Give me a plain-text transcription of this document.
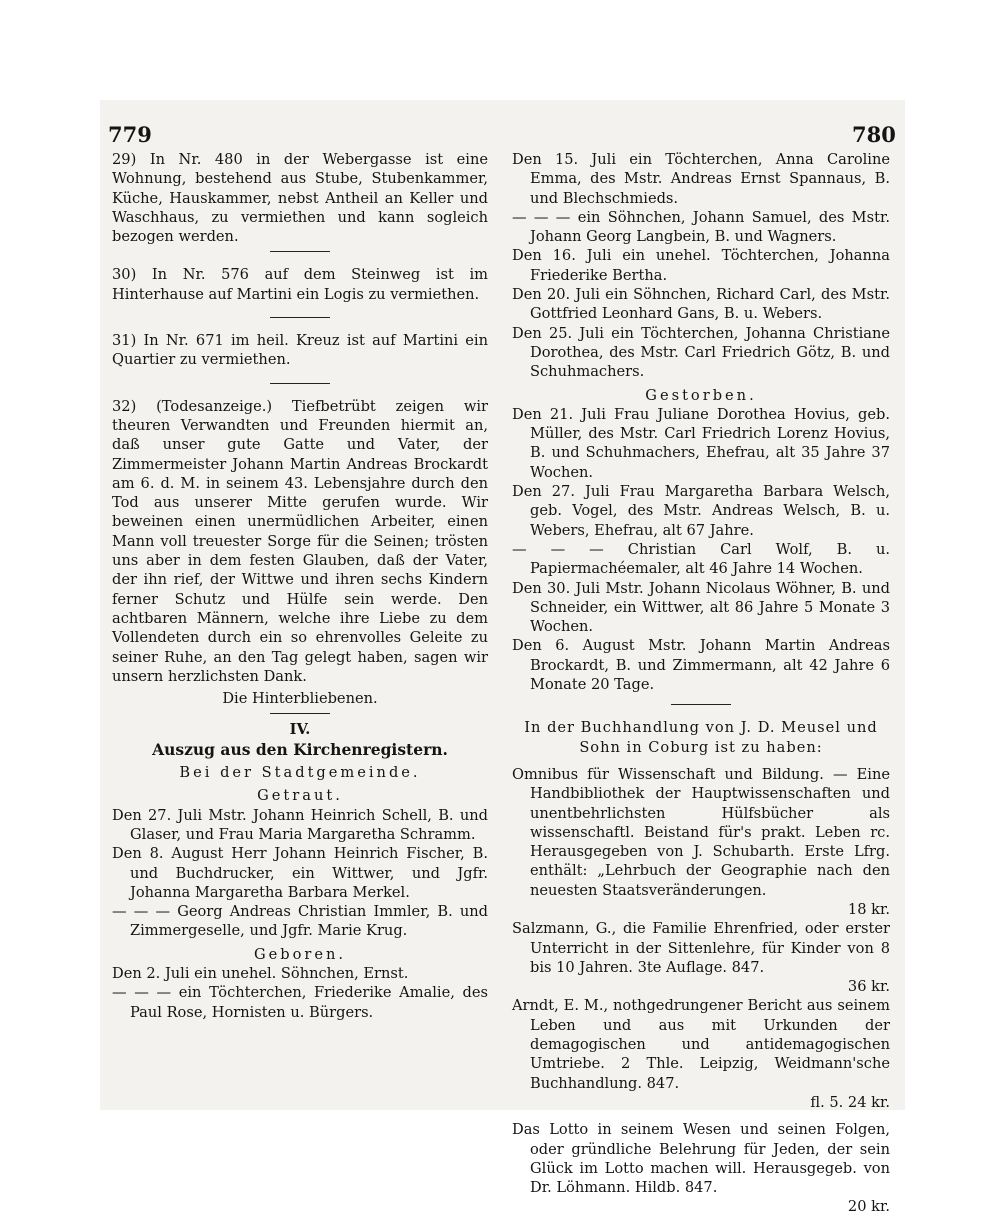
779	780

29) In Nr. 480 in der Webergasse ist eine Wohnung, bestehend aus Stube, Stubenkammer, Küche, Hauskammer, nebst Antheil an Keller und Waschhaus, zu vermiethen und kann sogleich bezogen werden.

30) In Nr. 576 auf dem Steinweg ist im Hinterhause auf Martini ein Logis zu vermiethen.

31) In Nr. 671 im heil. Kreuz ist auf Martini ein Quartier zu vermiethen.

32) (Todesanzeige.) Tiefbetrübt zeigen wir theuren Verwandten und Freunden hiermit an, daß unser gute Gatte und Vater, der Zimmermeister Johann Martin Andreas Brockardt am 6. d. M. in seinem 43. Lebensjahre durch den Tod aus unserer Mitte gerufen wurde. Wir beweinen einen unermüdlichen Arbeiter, einen Mann voll treuester Sorge für die Seinen; trösten uns aber in dem festen Glauben, daß der Vater, der ihn rief, der Wittwe und ihren sechs Kindern ferner Schutz und Hülfe sein werde. Den achtbaren Männern, welche ihre Liebe zu dem Vollendeten durch ein so ehrenvolles Geleite zu seiner Ruhe, an den Tag gelegt haben, sagen wir unsern herzlichsten Dank.

Die Hinterbliebenen.

IV.

Auszug aus den Kirchenregistern.

Bei der Stadtgemeinde.

Getraut.

Den 27. Juli Mstr. Johann Heinrich Schell, B. und Glaser, und Frau Maria Margaretha Schramm.

Den 8. August Herr Johann Heinrich Fischer, B. und Buchdrucker, ein Wittwer, und Jgfr. Johanna Margaretha Barbara Merkel.

— — — Georg Andreas Christian Immler, B. und Zimmergeselle, und Jgfr. Marie Krug.

Geboren.

Den 2. Juli ein unehel. Söhnchen, Ernst.

— — — ein Töchterchen, Friederike Amalie, des Paul Rose, Hornisten u. Bürgers.

Den 15. Juli ein Töchterchen, Anna Caroline Emma, des Mstr. Andreas Ernst Spannaus, B. und Blechschmieds.

— — — ein Söhnchen, Johann Samuel, des Mstr. Johann Georg Langbein, B. und Wagners.

Den 16. Juli ein unehel. Töchterchen, Johanna Friederike Bertha.

Den 20. Juli ein Söhnchen, Richard Carl, des Mstr. Gottfried Leonhard Gans, B. u. Webers.

Den 25. Juli ein Töchterchen, Johanna Christiane Dorothea, des Mstr. Carl Friedrich Götz, B. und Schuhmachers.

Gestorben.

Den 21. Juli Frau Juliane Dorothea Hovius, geb. Müller, des Mstr. Carl Friedrich Lorenz Hovius, B. und Schuhmachers, Ehefrau, alt 35 Jahre 37 Wochen.

Den 27. Juli Frau Margaretha Barbara Welsch, geb. Vogel, des Mstr. Andreas Welsch, B. u. Webers, Ehefrau, alt 67 Jahre.

— — — Christian Carl Wolf, B. u. Papiermachéemaler, alt 46 Jahre 14 Wochen.

Den 30. Juli Mstr. Johann Nicolaus Wöhner, B. und Schneider, ein Wittwer, alt 86 Jahre 5 Monate 3 Wochen.

Den 6. August Mstr. Johann Martin Andreas Brockardt, B. und Zimmermann, alt 42 Jahre 6 Monate 20 Tage.

In der Buchhandlung von J. D. Meusel und Sohn in Coburg ist zu haben:

Omnibus für Wissenschaft und Bildung. — Eine Handbibliothek der Hauptwissenschaften und unentbehrlichsten Hülfsbücher als wissenschaftl. Beistand für's prakt. Leben rc. Herausgegeben von J. Schubarth. Erste Lfrg. enthält: „Lehrbuch der Geographie nach den neuesten Staatsveränderungen.

18 kr.

Salzmann, G., die Familie Ehrenfried, oder erster Unterricht in der Sittenlehre, für Kinder von 8 bis 10 Jahren. 3te Auflage. 847.

36 kr.

Arndt, E. M., nothgedrungener Bericht aus seinem Leben und aus mit Urkunden der demagogischen und antidemagogischen Umtriebe. 2 Thle. Leipzig, Weidmann'sche Buchhandlung. 847.

fl. 5. 24 kr.

Das Lotto in seinem Wesen und seinen Folgen, oder gründliche Belehrung für Jeden, der sein Glück im Lotto machen will. Herausgegeb. von Dr. Löhmann. Hildb. 847.

20 kr.
